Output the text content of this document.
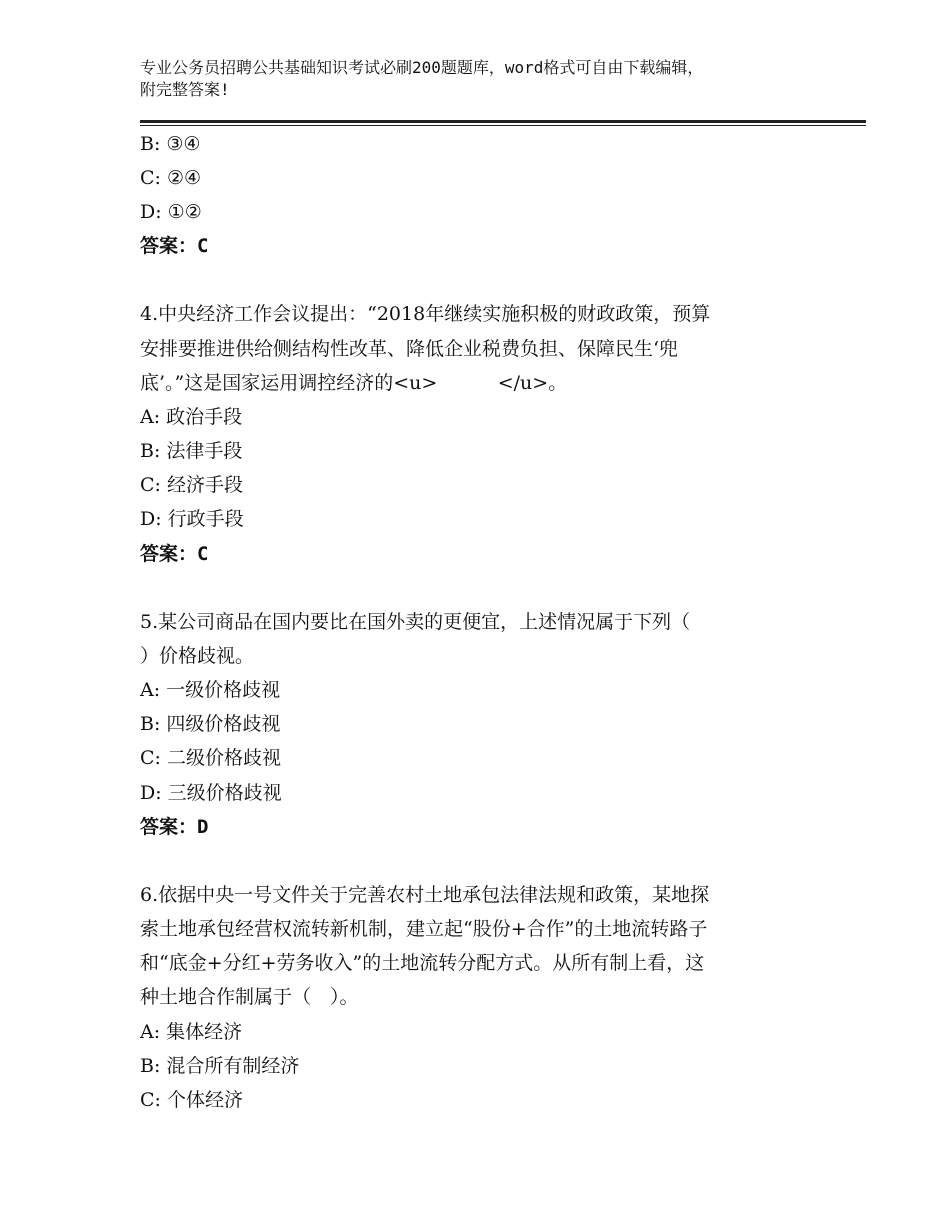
专业公务员招聘公共基础知识考试必刷200题题库，word格式可自由下载编辑，
附完整答案!
B: ③④
C: ②④
D: ①②
答案：C
4.中央经济工作会议提出：“2018年继续实施积极的财政政策，预算
安排要推进供给侧结构性改革、降低企业税费负担、保障民生‘兜
底’。”这是国家运用调控经济的<u>          </u>。
A: 政治手段
B: 法律手段
C: 经济手段
D: 行政手段
答案：C
5.某公司商品在国内要比在国外卖的更便宜，上述情况属于下列（
）价格歧视。
A: 一级价格歧视
B: 四级价格歧视
C: 二级价格歧视
D: 三级价格歧视
答案：D
6.依据中央一号文件关于完善农村土地承包法律法规和政策，某地探
索土地承包经营权流转新机制，建立起“股份+合作”的土地流转路子
和“底金+分红+劳务收入”的土地流转分配方式。从所有制上看，这
种土地合作制属于（　）。
A: 集体经济
B: 混合所有制经济
C: 个体经济
